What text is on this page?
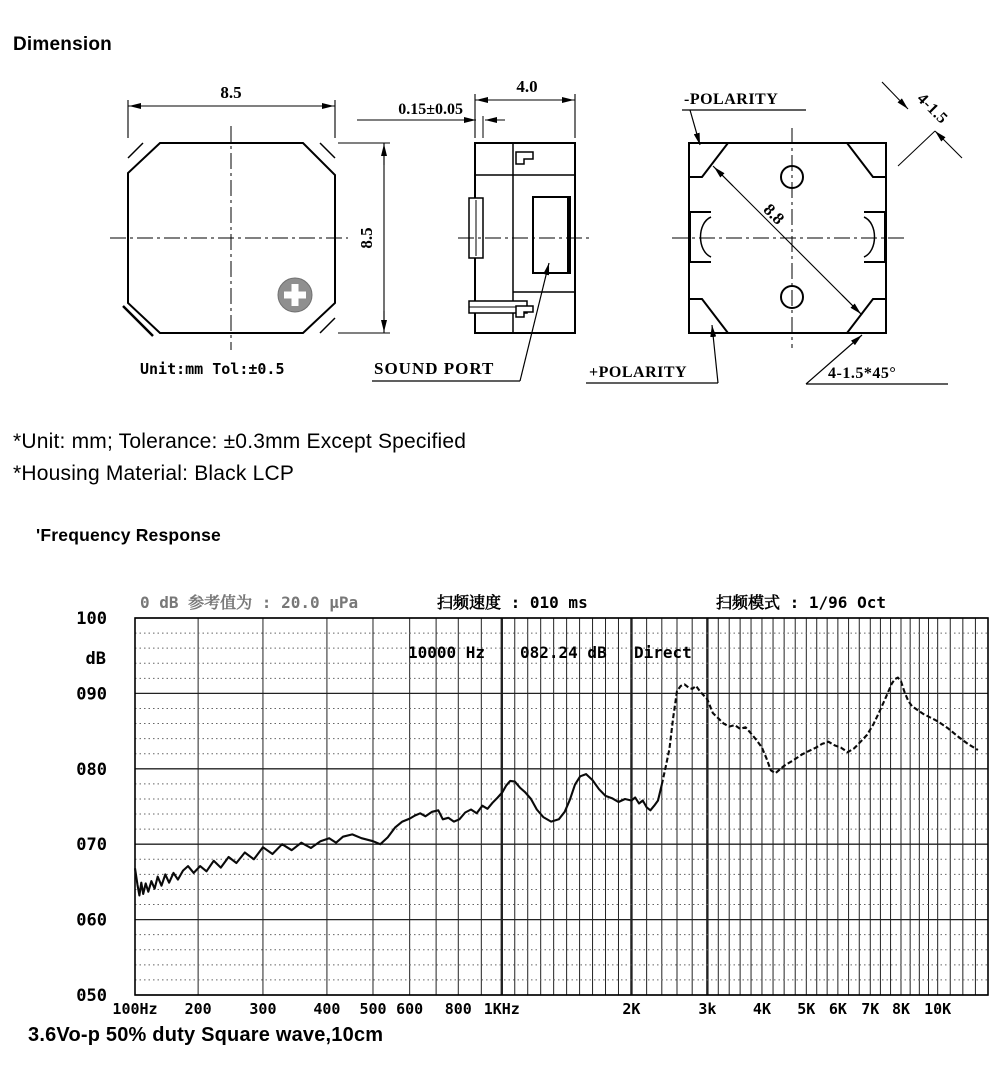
Dimension
8.5
8.5
Unit:mm Tol:±0.5
4.0
0.15±0.05
SOUND PORT
8.8
4-1.5
-POLARITY
+POLARITY	4-1.5*45°
*Unit: mm; Tolerance: ±0.3mm Except Specified
*Housing Material: Black LCP
'Frequency Response
0 dB 参考值为 : 20.0 μPa	扫频速度 : 010 ms	扫频模式 : 1/96 Oct
10000 Hz 082.24 dB Direct
dB
100
090
080
070
060
050
100Hz 200	300 400 500 600 800 1KHz	2K	3k 4K 5K 6K 7K 8K 10K
3.6Vo-p 50% duty Square wave,10cm
